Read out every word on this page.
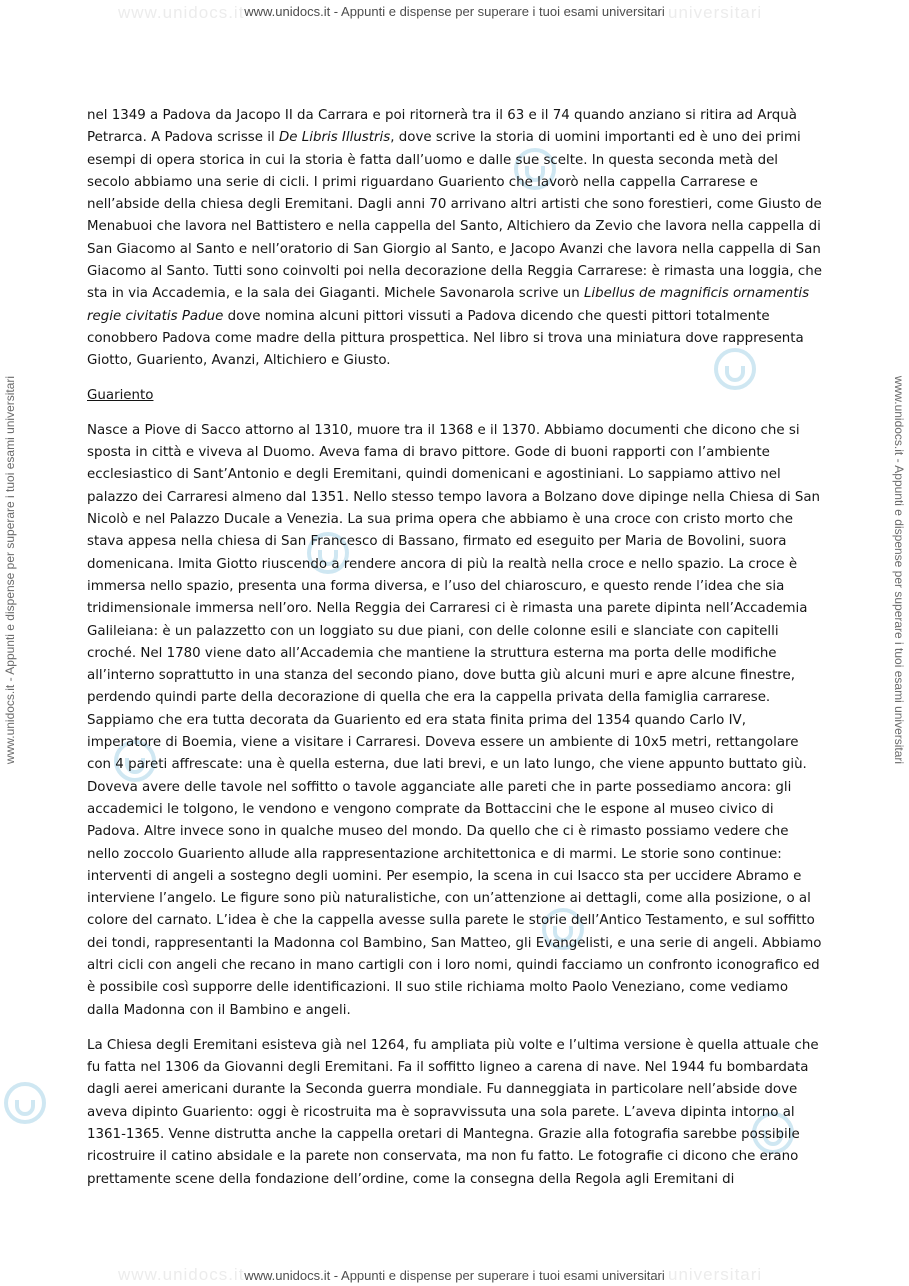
www.unidocs.it	universitari
www.unidocs.it	universitari
www.unidocs.it - Appunti e dispense per superare i tuoi esami universitari
www.unidocs.it - Appunti e dispense per superare i tuoi esami universitari
www.unidocs.it - Appunti e dispense per superare i tuoi esami universitari	www.unidocs.it - Appunti e dispense per superare i tuoi esami universitari

nel 1349 a Padova da Jacopo II da Carrara e poi ritornerà tra il 63 e il 74 quando anziano si ritira ad Arquà Petrarca. A Padova scrisse il De Libris Illustris, dove scrive la storia di uomini importanti ed è uno dei primi esempi di opera storica in cui la storia è fatta dall’uomo e dalle sue scelte. In questa seconda metà del secolo abbiamo una serie di cicli. I primi riguardano Guariento che lavorò nella cappella Carrarese e nell’abside della chiesa degli Eremitani. Dagli anni 70 arrivano altri artisti che sono forestieri, come Giusto de Menabuoi che lavora nel Battistero e nella cappella del Santo, Altichiero da Zevio che lavora nella cappella di San Giacomo al Santo e nell’oratorio di San Giorgio al Santo, e Jacopo Avanzi che lavora nella cappella di San Giacomo al Santo. Tutti sono coinvolti poi nella decorazione della Reggia Carrarese: è rimasta una loggia, che sta in via Accademia, e la sala dei Giaganti. Michele Savonarola scrive un Libellus de magnificis ornamentis regie civitatis Padue dove nomina alcuni pittori vissuti a Padova dicendo che questi pittori totalmente conobbero Padova come madre della pittura prospettica. Nel libro si trova una miniatura dove rappresenta Giotto, Guariento, Avanzi, Altichiero e Giusto.

Guariento

Nasce a Piove di Sacco attorno al 1310, muore tra il 1368 e il 1370. Abbiamo documenti che dicono che si sposta in città e viveva al Duomo. Aveva fama di bravo pittore. Gode di buoni rapporti con l’ambiente ecclesiastico di Sant’Antonio e degli Eremitani, quindi domenicani e agostiniani. Lo sappiamo attivo nel palazzo dei Carraresi almeno dal 1351. Nello stesso tempo lavora a Bolzano dove dipinge nella Chiesa di San Nicolò e nel Palazzo Ducale a Venezia. La sua prima opera che abbiamo è una croce con cristo morto che stava appesa nella chiesa di San Francesco di Bassano, firmato ed eseguito per Maria de Bovolini, suora domenicana. Imita Giotto riuscendo a rendere ancora di più la realtà nella croce e nello spazio. La croce è immersa nello spazio, presenta una forma diversa, e l’uso del chiaroscuro, e questo rende l’idea che sia tridimensionale immersa nell’oro. Nella Reggia dei Carraresi ci è rimasta una parete dipinta nell’Accademia Galileiana: è un palazzetto con un loggiato su due piani, con delle colonne esili e slanciate con capitelli croché. Nel 1780 viene dato all’Accademia che mantiene la struttura esterna ma porta delle modifiche all’interno soprattutto in una stanza del secondo piano, dove butta giù alcuni muri e apre alcune finestre, perdendo quindi parte della decorazione di quella che era la cappella privata della famiglia carrarese. Sappiamo che era tutta decorata da Guariento ed era stata finita prima del 1354 quando Carlo IV, imperatore di Boemia, viene a visitare i Carraresi. Doveva essere un ambiente di 10x5 metri, rettangolare con 4 pareti affrescate: una è quella esterna, due lati brevi, e un lato lungo, che viene appunto buttato giù. Doveva avere delle tavole nel soffitto o tavole agganciate alle pareti che in parte possediamo ancora: gli accademici le tolgono, le vendono e vengono comprate da Bottaccini che le espone al museo civico di Padova. Altre invece sono in qualche museo del mondo. Da quello che ci è rimasto possiamo vedere che nello zoccolo Guariento allude alla rappresentazione architettonica e di marmi. Le storie sono continue: interventi di angeli a sostegno degli uomini. Per esempio, la scena in cui Isacco sta per uccidere Abramo e interviene l’angelo. Le figure sono più naturalistiche, con un’attenzione ai dettagli, come alla posizione, o al colore del carnato. L’idea è che la cappella avesse sulla parete le storie dell’Antico Testamento, e sul soffitto dei tondi, rappresentanti la Madonna col Bambino, San Matteo, gli Evangelisti, e una serie di angeli. Abbiamo altri cicli con angeli che recano in mano cartigli con i loro nomi, quindi facciamo un confronto iconografico ed è possibile così supporre delle identificazioni. Il suo stile richiama molto Paolo Veneziano, come vediamo dalla Madonna con il Bambino e angeli.

La Chiesa degli Eremitani esisteva già nel 1264, fu ampliata più volte e l’ultima versione è quella attuale che fu fatta nel 1306 da Giovanni degli Eremitani. Fa il soffitto ligneo a carena di nave. Nel 1944 fu bombardata dagli aerei americani durante la Seconda guerra mondiale. Fu danneggiata in particolare nell’abside dove aveva dipinto Guariento: oggi è ricostruita ma è sopravvissuta una sola parete. L’aveva dipinta intorno al 1361-1365. Venne distrutta anche la cappella oretari di Mantegna. Grazie alla fotografia sarebbe possibile ricostruire il catino absidale e la parete non conservata, ma non fu fatto. Le fotografie ci dicono che erano prettamente scene della fondazione dell’ordine, come la consegna della Regola agli Eremitani di
